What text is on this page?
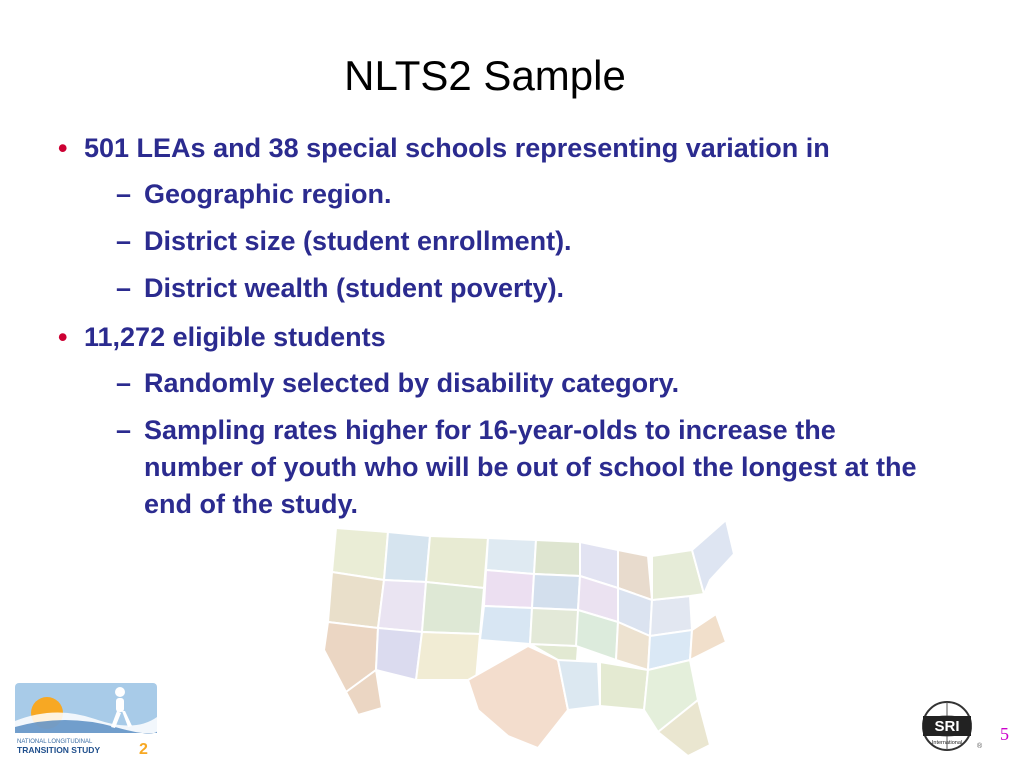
NLTS2 Sample
• 501 LEAs and 38 special schools representing variation in
– Geographic region.
– District size (student enrollment).
– District wealth (student poverty).
• 11,272 eligible students
– Randomly selected by disability category.
– Sampling rates higher for 16-year-olds to increase the number of youth who will be out of school the longest at the end of the study.
NATIONAL LONGITUDINAL
TRANSITION STUDY 2
SRI
International ®
5
